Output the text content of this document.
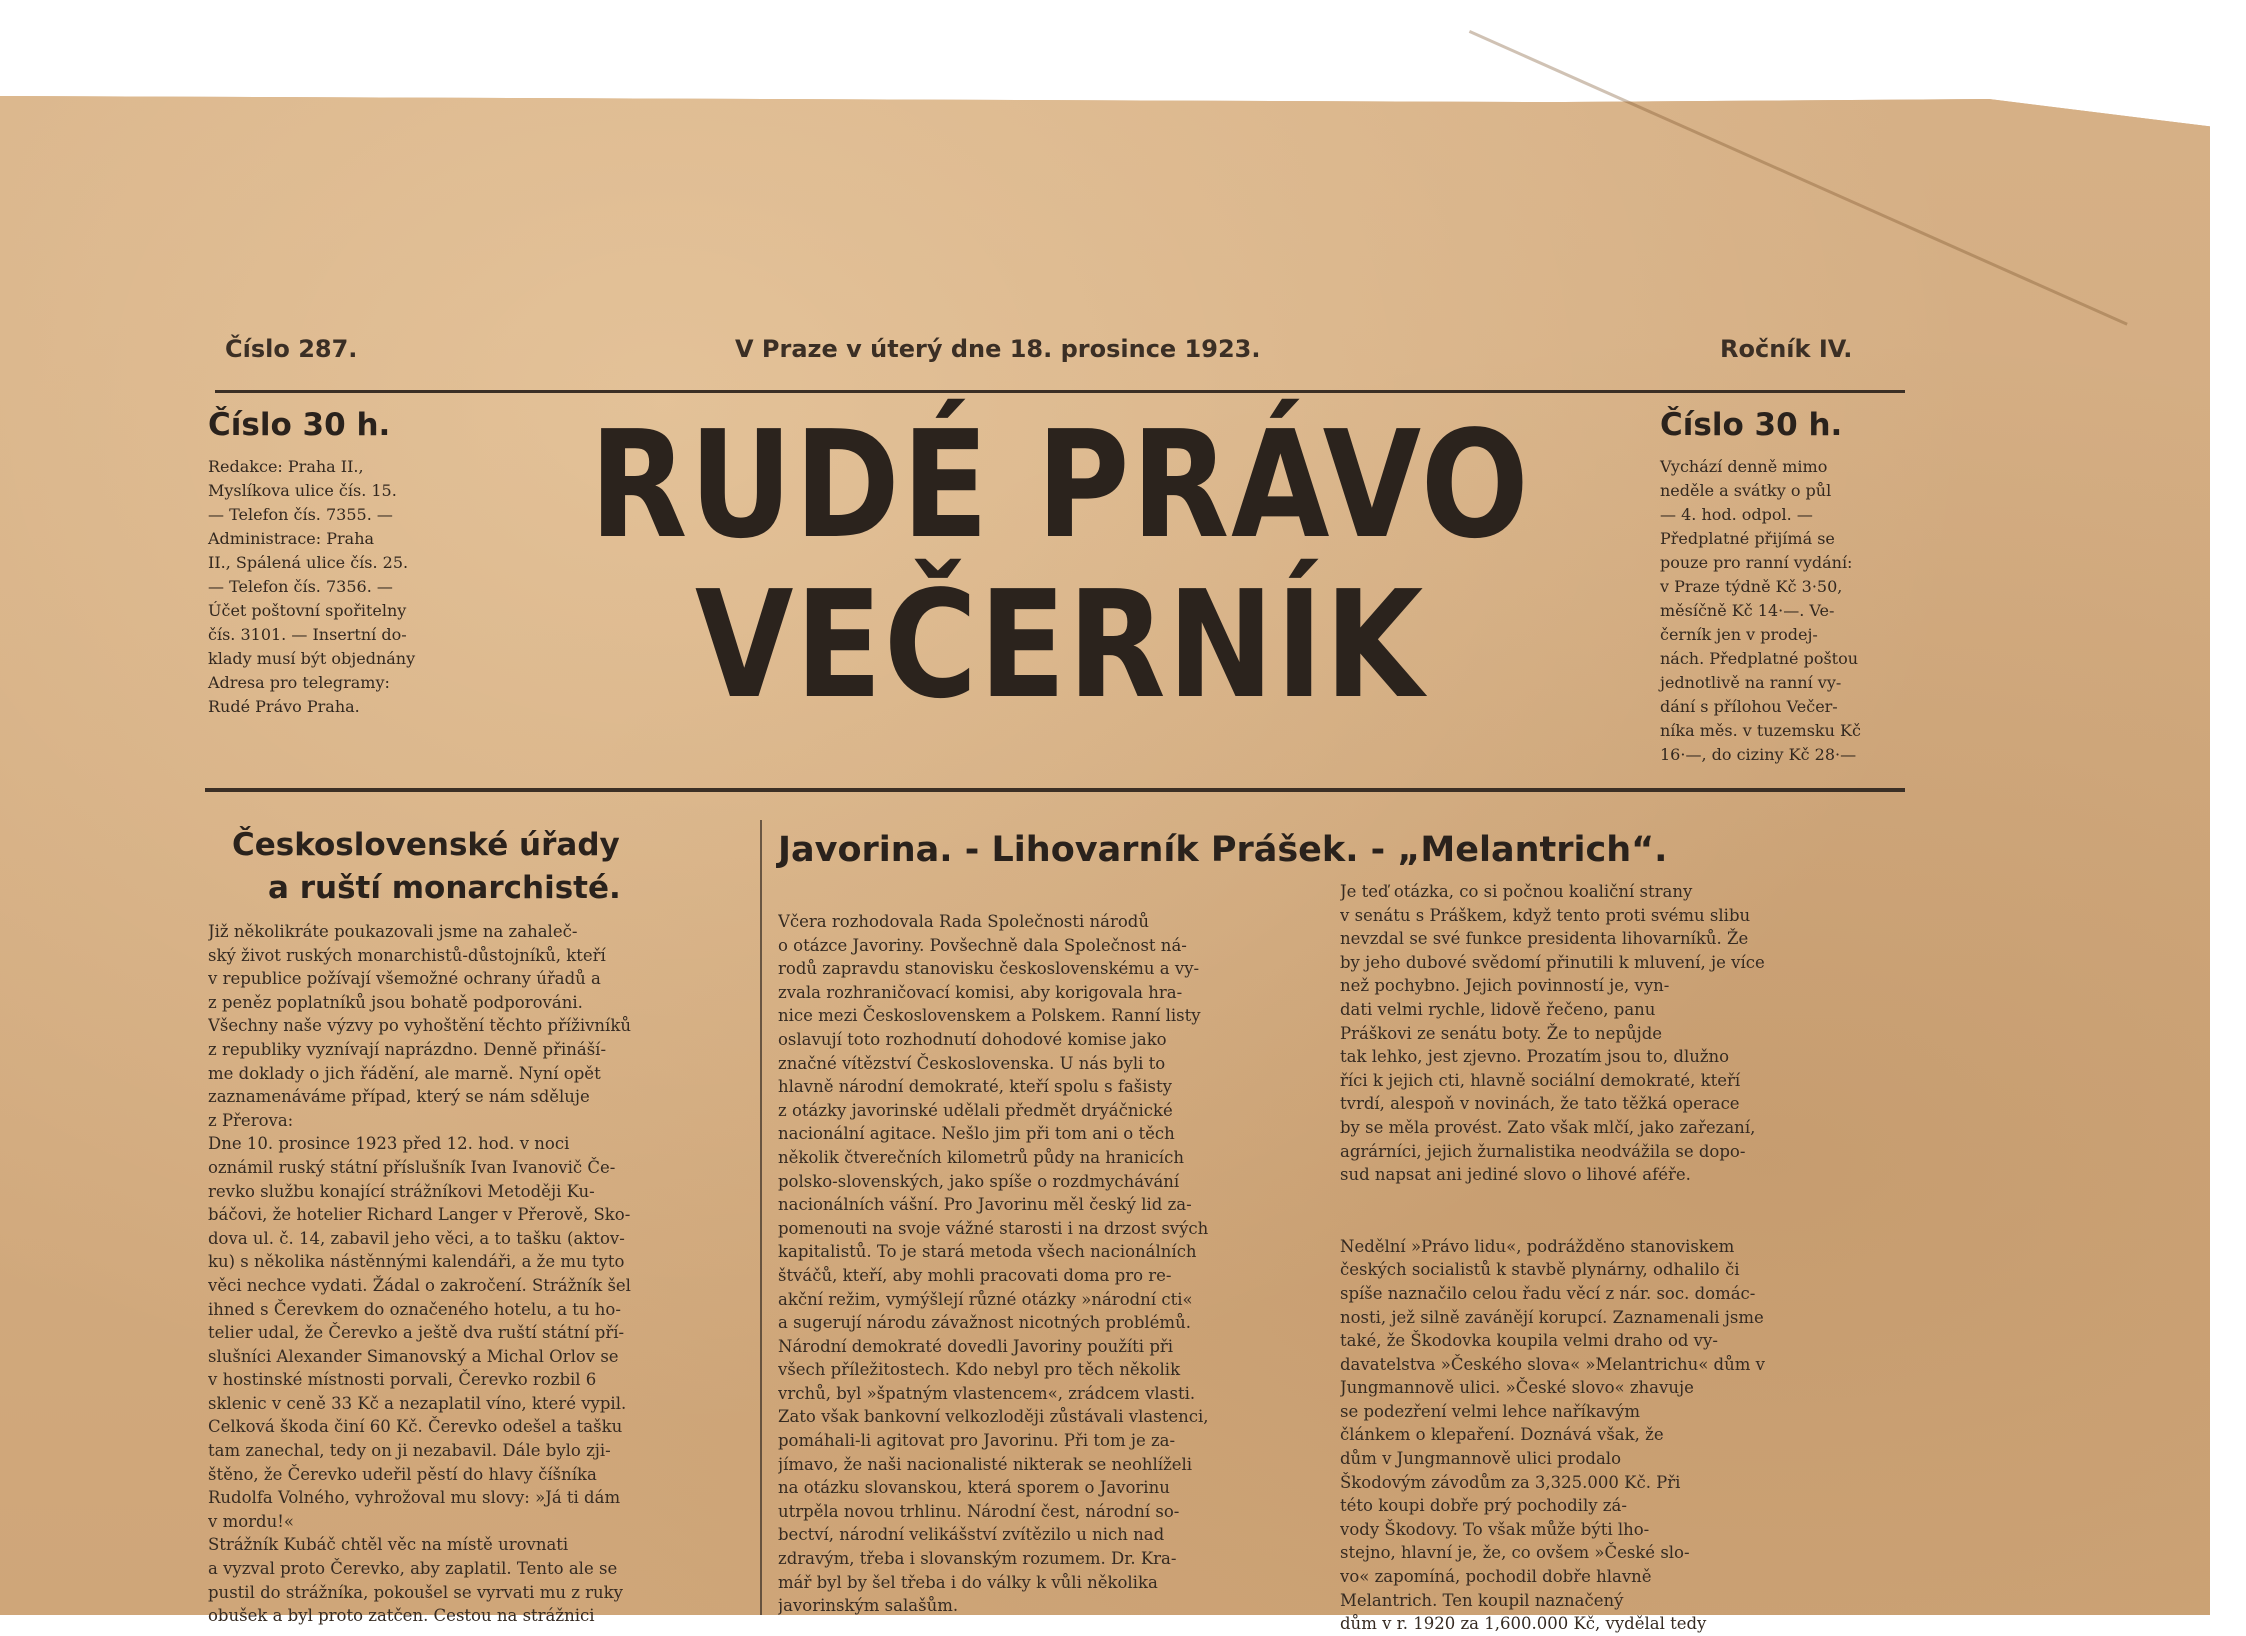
Číslo 287.	V Praze v úterý dne 18. prosince 1923.	Ročník IV.
Číslo 30 h.
Redakce: Praha II.,
Myslíkova ulice čís. 15.
— Telefon čís. 7355. —
Administrace: Praha
II., Spálená ulice čís. 25.
— Telefon čís. 7356. —
Účet poštovní spořitelny
čís. 3101. — Insertní do-
klady musí být objednány
Adresa pro telegramy:
Rudé Právo Praha.
RUDÉ PRÁVO
VEČERNÍK
Číslo 30 h.
Vychází denně mimo
neděle a svátky o půl
— 4. hod. odpol. —
Předplatné přijímá se
pouze pro ranní vydání:
v Praze týdně Kč 3·50,
měsíčně Kč 14·—. Ve-
černík jen v prodej-
nách. Předplatné poštou
jednotlivě na ranní vy-
dání s přílohou Večer-
níka měs. v tuzemsku Kč
16·—, do ciziny Kč 28·—
Československé úřady
a ruští monarchisté.
Již několikráte poukazovali jsme na zahaleč-
ský život ruských monarchistů-důstojníků, kteří
v republice požívají všemožné ochrany úřadů a
z peněz poplatníků jsou bohatě podporováni.
Všechny naše výzvy po vyhoštění těchto příživníků
z republiky vyznívají naprázdno. Denně přináší-
me doklady o jich řádění, ale marně. Nyní opět
zaznamenáváme případ, který se nám sděluje
z Přerova:
Dne 10. prosince 1923 před 12. hod. v noci
oznámil ruský státní příslušník Ivan Ivanovič Če-
revko službu konající strážníkovi Metoději Ku-
báčovi, že hotelier Richard Langer v Přerově, Sko-
dova ul. č. 14, zabavil jeho věci, a to tašku (aktov-
ku) s několika nástěnnými kalendáři, a že mu tyto
věci nechce vydati. Žádal o zakročení. Strážník šel
ihned s Čerevkem do označeného hotelu, a tu ho-
telier udal, že Čerevko a ještě dva ruští státní pří-
slušníci Alexander Simanovský a Michal Orlov se
v hostinské místnosti porvali, Čerevko rozbil 6
sklenic v ceně 33 Kč a nezaplatil víno, které vypil.
Celková škoda činí 60 Kč. Čerevko odešel a tašku
tam zanechal, tedy on ji nezabavil. Dále bylo zji-
štěno, že Čerevko udeřil pěstí do hlavy číšníka
Rudolfa Volného, vyhrožoval mu slovy: »Já ti dám
v mordu!«
Strážník Kubáč chtěl věc na místě urovnati
a vyzval proto Čerevko, aby zaplatil. Tento ale se
pustil do strážníka, pokoušel se vyrvati mu z ruky
obušek a byl proto zatčen. Cestou na strážnici
Javorina. - Lihovarník Prášek. - „Melantrich“.
Včera rozhodovala Rada Společnosti národů
o otázce Javoriny. Povšechně dala Společnost ná-
rodů zapravdu stanovisku československému a vy-
zvala rozhraničovací komisi, aby korigovala hra-
nice mezi Československem a Polskem. Ranní listy
oslavují toto rozhodnutí dohodové komise jako
značné vítězství Československa. U nás byli to
hlavně národní demokraté, kteří spolu s fašisty
z otázky javorinské udělali předmět dryáčnické
nacionální agitace. Nešlo jim při tom ani o těch
několik čtverečních kilometrů půdy na hranicích
polsko-slovenských, jako spíše o rozdmychávání
nacionálních vášní. Pro Javorinu měl český lid za-
pomenouti na svoje vážné starosti i na drzost svých
kapitalistů. To je stará metoda všech nacionálních
štváčů, kteří, aby mohli pracovati doma pro re-
akční režim, vymýšlejí různé otázky »národní cti«
a sugerují národu závažnost nicotných problémů.
Národní demokraté dovedli Javoriny použíti při
všech příležitostech. Kdo nebyl pro těch několik
vrchů, byl »špatným vlastencem«, zrádcem vlasti.
Zato však bankovní velkozloději zůstávali vlastenci,
pomáhali-li agitovat pro Javorinu. Při tom je za-
jímavo, že naši nacionalisté nikterak se neohlíželi
na otázku slovanskou, která sporem o Javorinu
utrpěla novou trhlinu. Národní čest, národní so-
bectví, národní velikášství zvítězilo u nich nad
zdravým, třeba i slovanským rozumem. Dr. Kra-
mář byl by šel třeba i do války k vůli několika
javorinským salašům.
Je teď otázka, co si počnou koaliční strany
v senátu s Práškem, když tento proti svému slibu
nevzdal se své funkce presidenta lihovarníků. Že
by jeho dubové svědomí přinutili k mluvení, je více
než pochybno. Jejich povinností je, vyn-
dati velmi rychle, lidově řečeno, panu
Práškovi ze senátu boty. Že to nepůjde
tak lehko, jest zjevno. Prozatím jsou to, dlužno
říci k jejich cti, hlavně sociální demokraté, kteří
tvrdí, alespoň v novinách, že tato těžká operace
by se měla provést. Zato však mlčí, jako zařezaní,
agrárníci, jejich žurnalistika neodvážila se dopo-
sud napsat ani jediné slovo o lihové aféře.
Nedělní »Právo lidu«, podrážděno stanoviskem
českých socialistů k stavbě plynárny, odhalilo či
spíše naznačilo celou řadu věcí z nár. soc. domác-
nosti, jež silně zavánějí korupcí. Zaznamenali jsme
také, že Škodovka koupila velmi draho od vy-
davatelstva »Českého slova« »Melantrichu« dům v
Jungmannově ulici. »České slovo« zhavuje
se podezření velmi lehce naříkavým
článkem o klepaření. Doznává však, že
dům v Jungmannově ulici prodalo
Škodovým závodům za 3,325.000 Kč. Při
této koupi dobře prý pochodily zá-
vody Škodovy. To však může býti lho-
stejno, hlavní je, že, co ovšem »České slo-
vo« zapomíná, pochodil dobře hlavně
Melantrich. Ten koupil naznačený
dům v r. 1920 za 1,600.000 Kč, vydělal tedy
